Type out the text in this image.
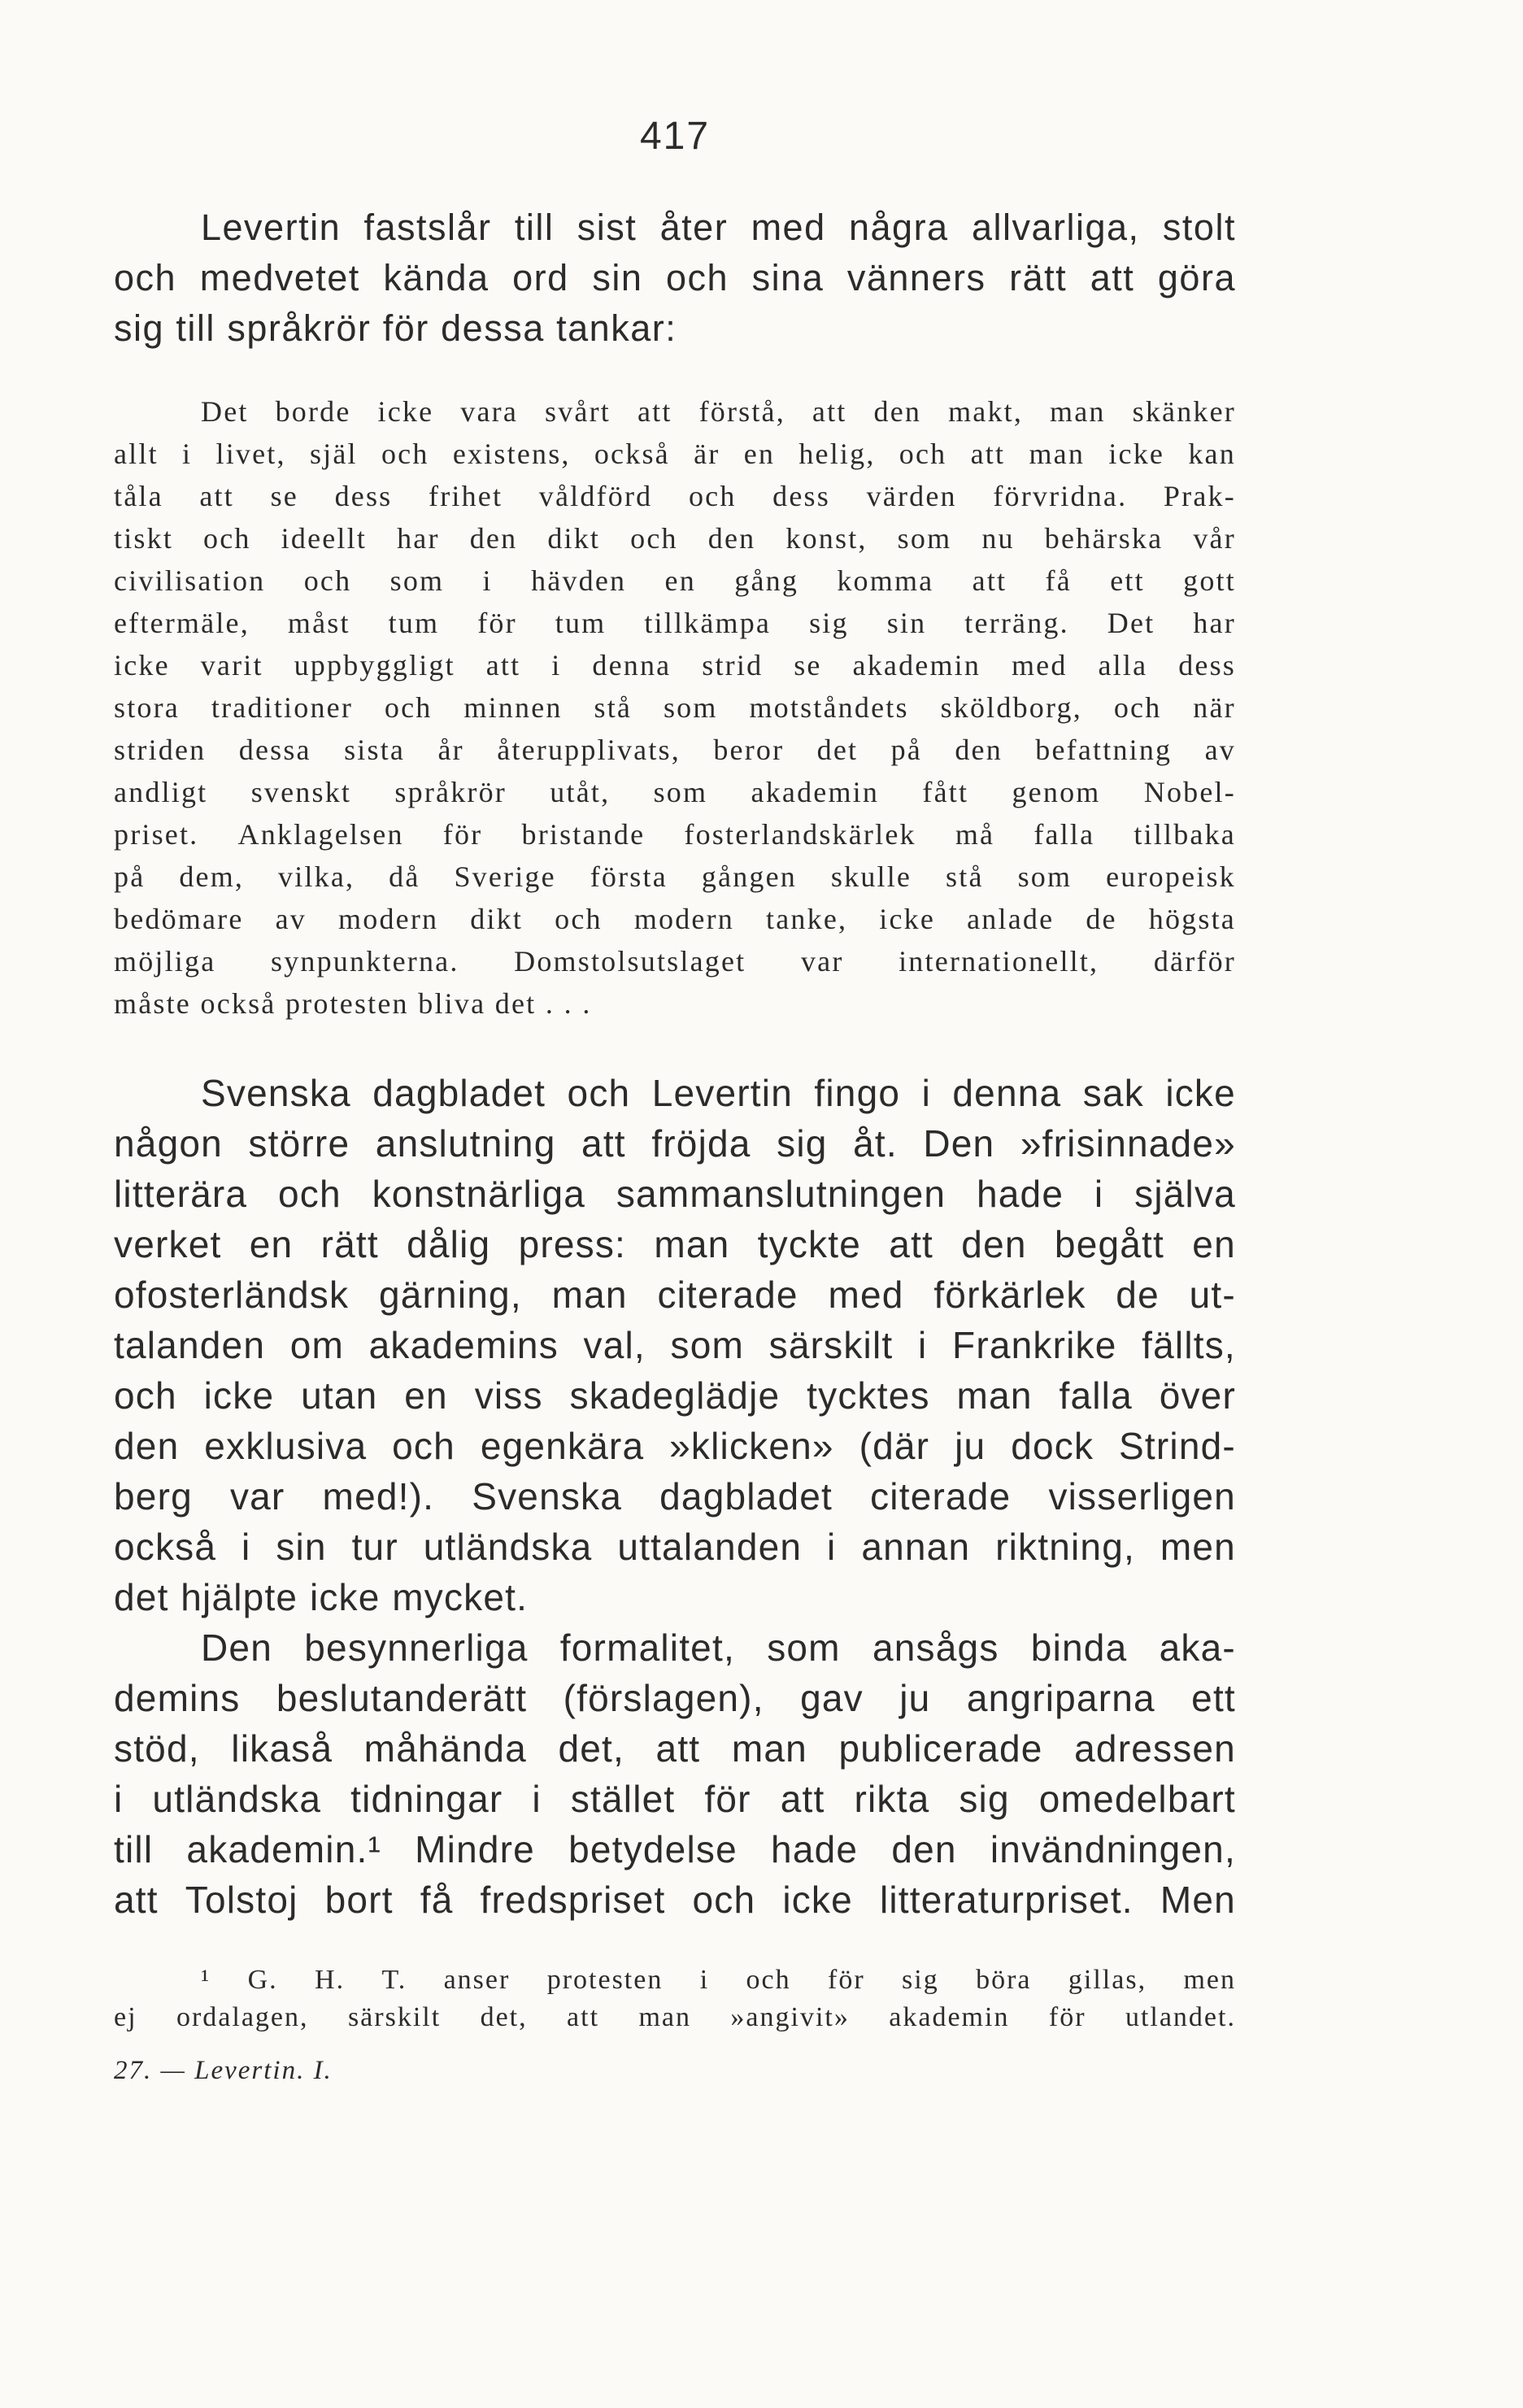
417
Levertin fastslår till sist åter med några allvarliga, stolt
och medvetet kända ord sin och sina vänners rätt att göra
sig till språkrör för dessa tankar:
Det borde icke vara svårt att förstå, att den makt, man skänker
allt i livet, själ och existens, också är en helig, och att man icke kan
tåla att se dess frihet våldförd och dess värden förvridna. Prak-
tiskt och ideellt har den dikt och den konst, som nu behärska vår
civilisation och som i hävden en gång komma att få ett gott
eftermäle, måst tum för tum tillkämpa sig sin terräng. Det har
icke varit uppbyggligt att i denna strid se akademin med alla dess
stora traditioner och minnen stå som motståndets sköldborg, och när
striden dessa sista år återupplivats, beror det på den befattning av
andligt svenskt språkrör utåt, som akademin fått genom Nobel-
priset. Anklagelsen för bristande fosterlandskärlek må falla tillbaka
på dem, vilka, då Sverige första gången skulle stå som europeisk
bedömare av modern dikt och modern tanke, icke anlade de högsta
möjliga synpunkterna. Domstolsutslaget var internationellt, därför
måste också protesten bliva det . . .
Svenska dagbladet och Levertin fingo i denna sak icke
någon större anslutning att fröjda sig åt. Den »frisinnade»
litterära och konstnärliga sammanslutningen hade i själva
verket en rätt dålig press: man tyckte att den begått en
ofosterländsk gärning, man citerade med förkärlek de ut-
talanden om akademins val, som särskilt i Frankrike fällts,
och icke utan en viss skadeglädje tycktes man falla över
den exklusiva och egenkära »klicken» (där ju dock Strind-
berg var med!). Svenska dagbladet citerade visserligen
också i sin tur utländska uttalanden i annan riktning, men
det hjälpte icke mycket.
Den besynnerliga formalitet, som ansågs binda aka-
demins beslutanderätt (förslagen), gav ju angriparna ett
stöd, likaså måhända det, att man publicerade adressen
i utländska tidningar i stället för att rikta sig omedelbart
till akademin.¹ Mindre betydelse hade den invändningen,
att Tolstoj bort få fredspriset och icke litteraturpriset. Men
¹ G. H. T. anser protesten i och för sig böra gillas, men
ej ordalagen, särskilt det, att man »angivit» akademin för utlandet.
27. — Levertin. I.
